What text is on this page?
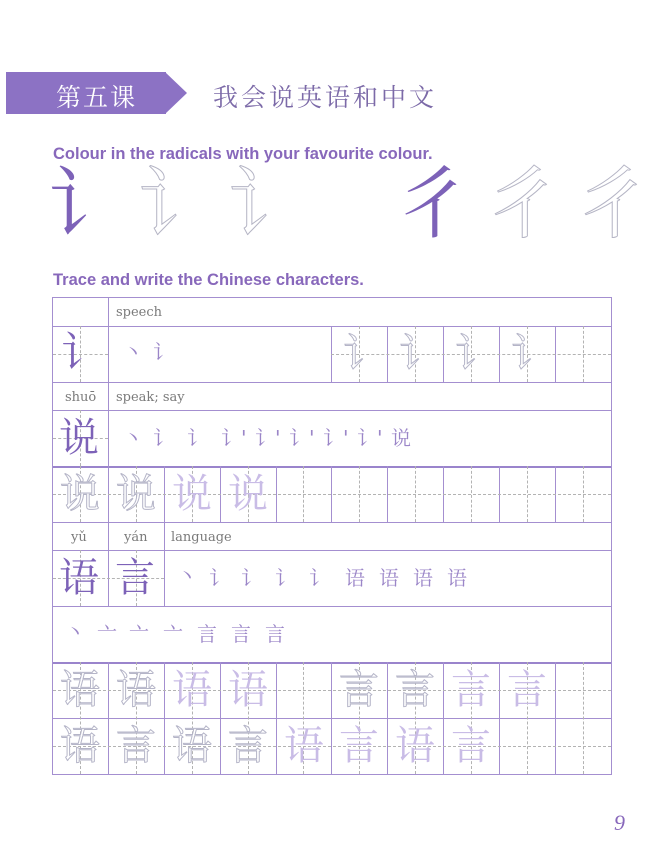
第五课	我会说英语和中文
Colour in the radicals with your favourite colour.
讠 讠 讠 彳 彳 彳
Trace and write the Chinese characters.
speech
讠 丶 讠	讠 讠 讠 讠
shuō speak; say
说 丶 讠 讠 讠' 讠' 讠' 讠' 讠' 说
说 说 说 说
yǔ	yán language
语 言 丶 讠 讠 讠 讠 语 语 语 语
丶 亠 亠 亠 言 言 言
语 语 语 语 言 言 言 言
语 言 语 言 语 言 语 言
9
